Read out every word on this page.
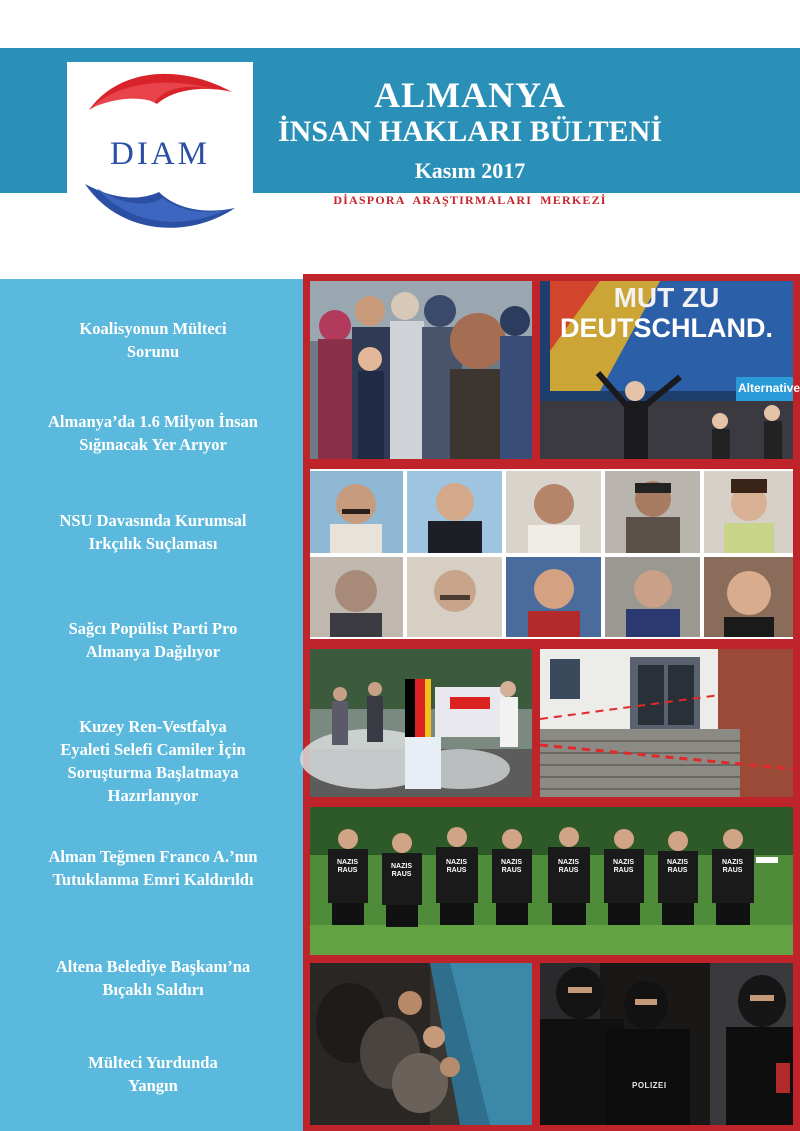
DIAM
ALMANYA
İNSAN HAKLARI BÜLTENİ
Kasım 2017
DİASPORA ARAŞTIRMALARI MERKEZİ
Koalisyonun Mülteci
Sorunu
Almanya’da 1.6 Milyon İnsan
Sığınacak Yer Arıyor
NSU Davasında Kurumsal
Irkçılık Suçlaması
Sağcı Popülist Parti Pro
Almanya Dağılıyor
Kuzey Ren-Vestfalya
Eyaleti Selefi Camiler İçin
Soruşturma Başlatmaya
Hazırlanıyor
Alman Teğmen Franco A.’nın
Tutuklanma Emri Kaldırıldı
Altena Belediye Başkanı’na
Bıçaklı Saldırı
Mülteci Yurdunda
Yangın
MUT ZU
DEUTSCHLAND.
Alternative
NAZIS
RAUS
NAZIS
RAUS
NAZIS
RAUS
NAZIS
RAUS
NAZIS
RAUS
NAZIS
RAUS
NAZIS
RAUS
NAZIS
RAUS
POLIZEI
